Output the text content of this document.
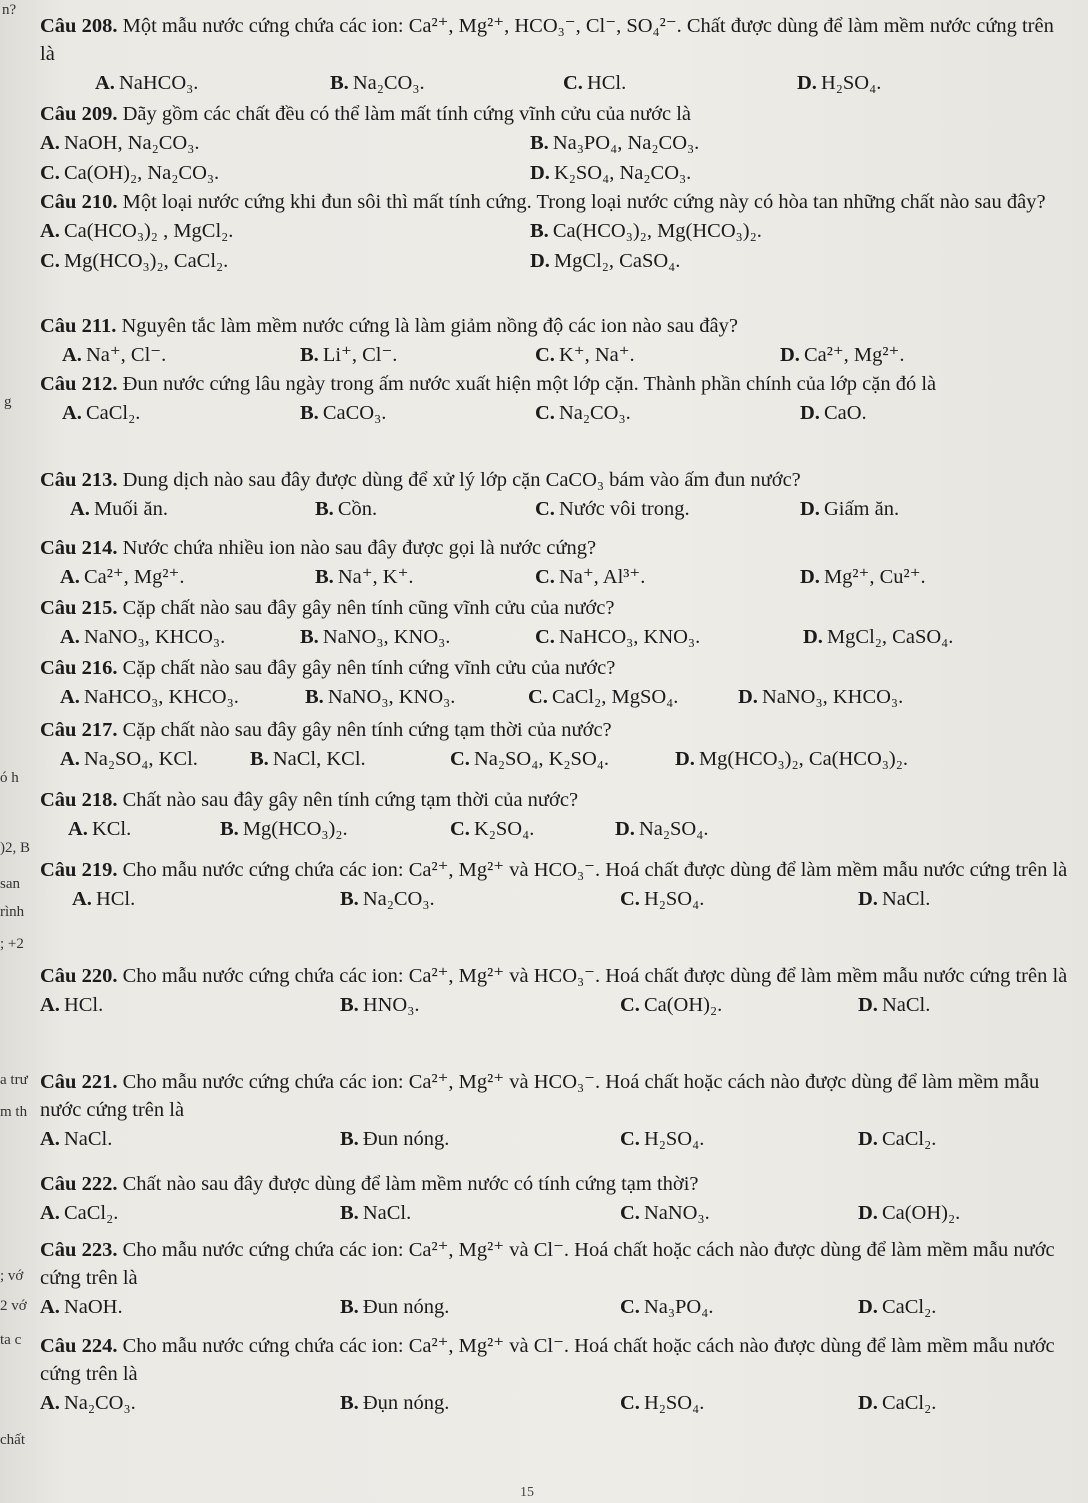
n?
g
ó h
)2, B
san
rình
; +2
a trư
m th
; vớ
2 vớ
ta c
chất
Câu 208. Một mẫu nước cứng chứa các ion: Ca²⁺, Mg²⁺, HCO₃⁻, Cl⁻, SO₄²⁻. Chất được dùng để làm mềm nước cứng trên là
A. NaHCO₃.	B. Na₂CO₃.	C. HCl.	D. H₂SO₄.
Câu 209. Dãy gồm các chất đều có thể làm mất tính cứng vĩnh cửu của nước là
A. NaOH, Na₂CO₃.	B. Na₃PO₄, Na₂CO₃.
C. Ca(OH)₂, Na₂CO₃.	D. K₂SO₄, Na₂CO₃.
Câu 210. Một loại nước cứng khi đun sôi thì mất tính cứng. Trong loại nước cứng này có hòa tan những chất nào sau đây?
A. Ca(HCO₃)₂ , MgCl₂.	B. Ca(HCO₃)₂, Mg(HCO₃)₂.
C. Mg(HCO₃)₂, CaCl₂.	D. MgCl₂, CaSO₄.
Câu 211. Nguyên tắc làm mềm nước cứng là làm giảm nồng độ các ion nào sau đây?
A. Na⁺, Cl⁻.	B. Li⁺, Cl⁻.	C. K⁺, Na⁺.	D. Ca²⁺, Mg²⁺.
Câu 212. Đun nước cứng lâu ngày trong ấm nước xuất hiện một lớp cặn. Thành phần chính của lớp cặn đó là
A. CaCl₂.	B. CaCO₃.	C. Na₂CO₃.	D. CaO.
Câu 213. Dung dịch nào sau đây được dùng để xử lý lớp cặn CaCO₃ bám vào ấm đun nước?
A. Muối ăn.	B. Cồn.	C. Nước vôi trong.	D. Giấm ăn.
Câu 214. Nước chứa nhiều ion nào sau đây được gọi là nước cứng?
A. Ca²⁺, Mg²⁺.	B. Na⁺, K⁺.	C. Na⁺, Al³⁺.	D. Mg²⁺, Cu²⁺.
Câu 215. Cặp chất nào sau đây gây nên tính cũng vĩnh cửu của nước?
A. NaNO₃, KHCO₃.	B. NaNO₃, KNO₃.	C. NaHCO₃, KNO₃.	D. MgCl₂, CaSO₄.
Câu 216. Cặp chất nào sau đây gây nên tính cứng vĩnh cửu của nước?
A. NaHCO₃, KHCO₃.	B. NaNO₃, KNO₃.	C. CaCl₂, MgSO₄.	D. NaNO₃, KHCO₃.
Câu 217. Cặp chất nào sau đây gây nên tính cứng tạm thời của nước?
A. Na₂SO₄, KCl.	B. NaCl, KCl.	C. Na₂SO₄, K₂SO₄.	D. Mg(HCO₃)₂, Ca(HCO₃)₂.
Câu 218. Chất nào sau đây gây nên tính cứng tạm thời của nước?
A. KCl.	B. Mg(HCO₃)₂.	C. K₂SO₄.	D. Na₂SO₄.
Câu 219. Cho mẫu nước cứng chứa các ion: Ca²⁺, Mg²⁺ và HCO₃⁻. Hoá chất được dùng để làm mềm mẫu nước cứng trên là
A. HCl.	B. Na₂CO₃.	C. H₂SO₄.	D. NaCl.
Câu 220. Cho mẫu nước cứng chứa các ion: Ca²⁺, Mg²⁺ và HCO₃⁻. Hoá chất được dùng để làm mềm mẫu nước cứng trên là
A. HCl.	B. HNO₃.	C. Ca(OH)₂.	D. NaCl.
Câu 221. Cho mẫu nước cứng chứa các ion: Ca²⁺, Mg²⁺ và HCO₃⁻. Hoá chất hoặc cách nào được dùng để làm mềm mẫu nước cứng trên là
A. NaCl.	B. Đun nóng.	C. H₂SO₄.	D. CaCl₂.
Câu 222. Chất nào sau đây được dùng để làm mềm nước có tính cứng tạm thời?
A. CaCl₂.	B. NaCl.	C. NaNO₃.	D. Ca(OH)₂.
Câu 223. Cho mẫu nước cứng chứa các ion: Ca²⁺, Mg²⁺ và Cl⁻. Hoá chất hoặc cách nào được dùng để làm mềm mẫu nước cứng trên là
A. NaOH.	B. Đun nóng.	C. Na₃PO₄.	D. CaCl₂.
Câu 224. Cho mẫu nước cứng chứa các ion: Ca²⁺, Mg²⁺ và Cl⁻. Hoá chất hoặc cách nào được dùng để làm mềm mẫu nước cứng trên là
A. Na₂CO₃.	B. Đụn nóng.	C. H₂SO₄.	D. CaCl₂.
15
